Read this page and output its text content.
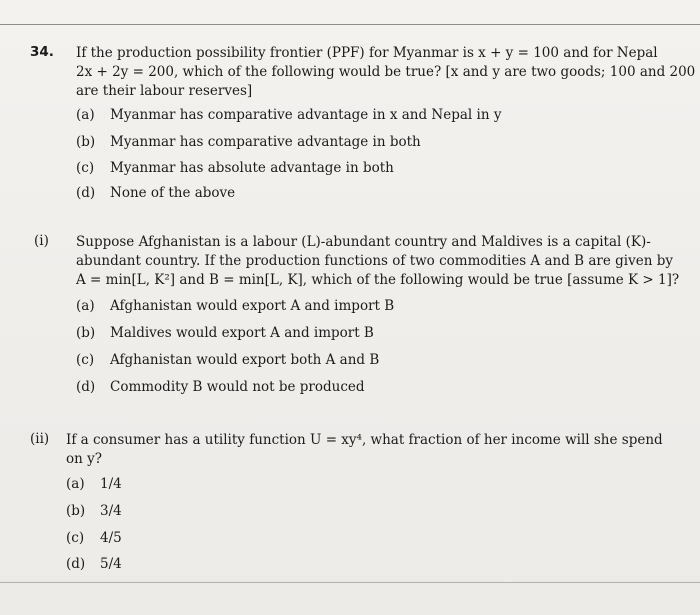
34. If the production possibility frontier (PPF) for Myanmar is x + y = 100 and for Nepal
2x + 2y = 200, which of the following would be true? [x and y are two goods; 100 and 200
are their labour reserves]
(a) Myanmar has comparative advantage in x and Nepal in y
(b) Myanmar has comparative advantage in both
(c) Myanmar has absolute advantage in both
(d) None of the above
(i) Suppose Afghanistan is a labour (L)-abundant country and Maldives is a capital (K)-
abundant country. If the production functions of two commodities A and B are given by
A = min[L, K²] and B = min[L, K], which of the following would be true [assume K > 1]?
(a) Afghanistan would export A and import B
(b) Maldives would export A and import B
(c) Afghanistan would export both A and B
(d) Commodity B would not be produced
(ii) If a consumer has a utility function U = xy⁴, what fraction of her income will she spend
on y?
(a) 1/4
(b) 3/4
(c) 4/5
(d) 5/4
